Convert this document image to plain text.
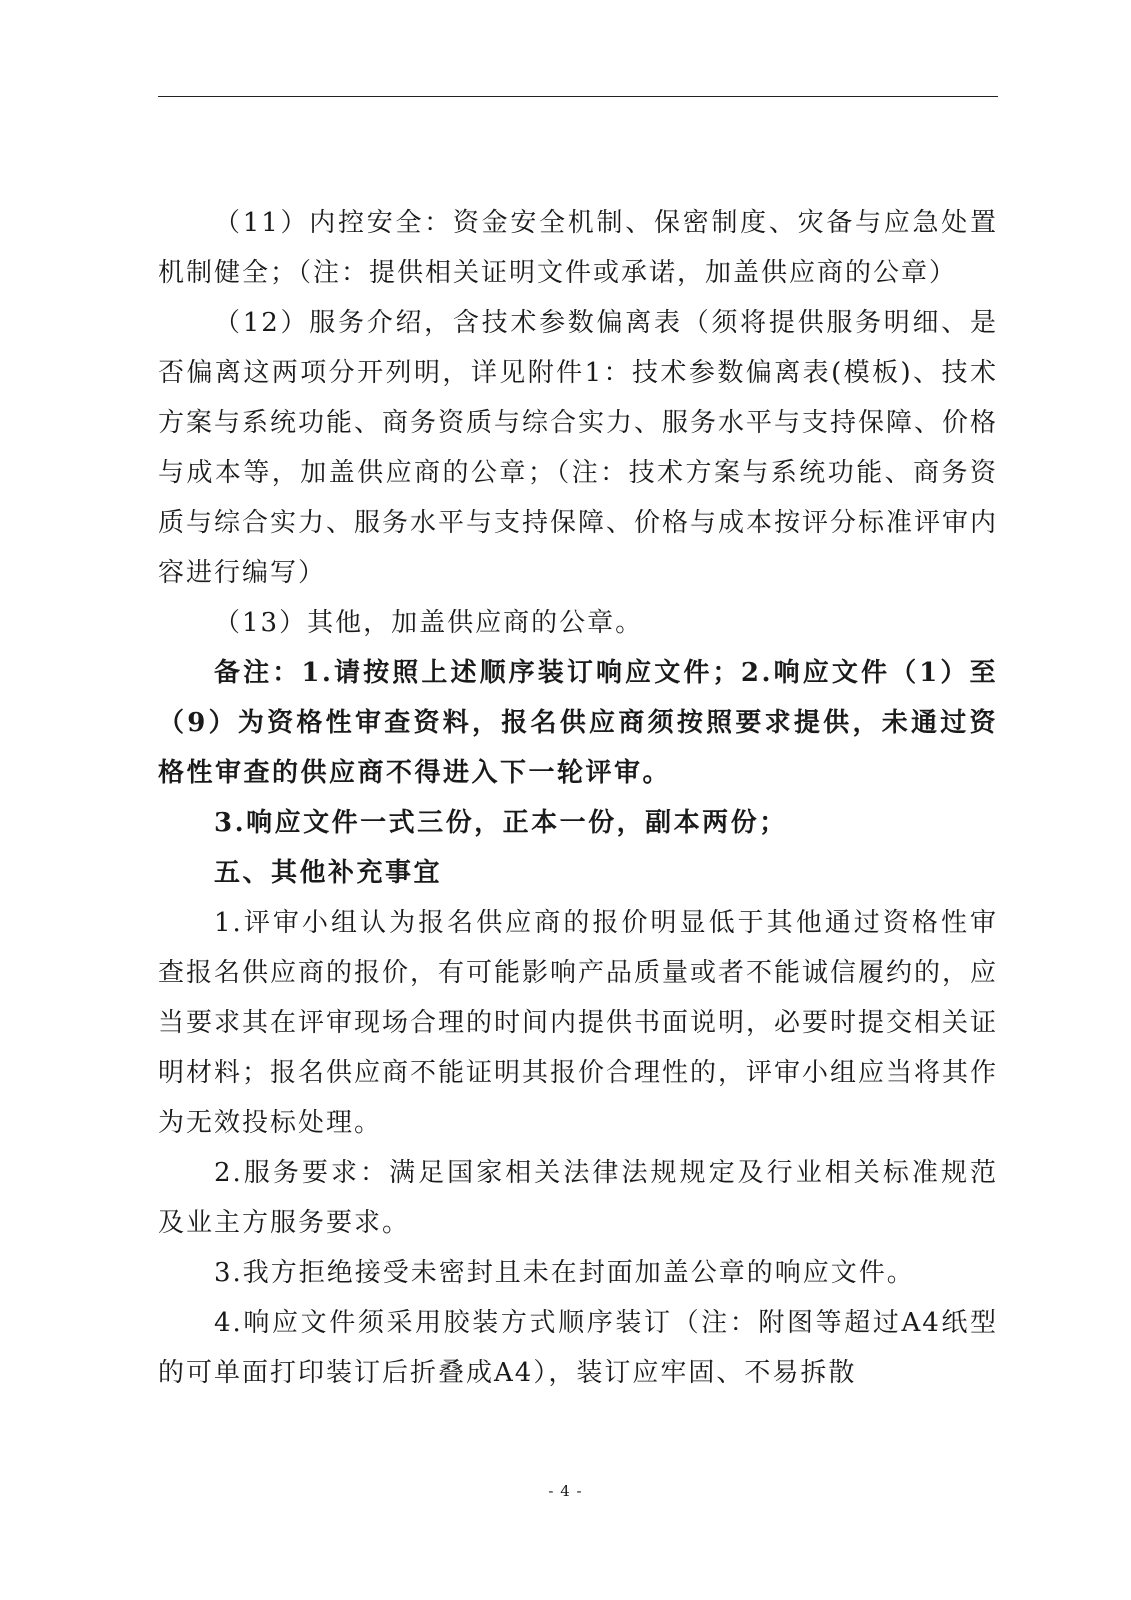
（11）内控安全：资金安全机制、保密制度、灾备与应急处置机制健全；（注：提供相关证明文件或承诺，加盖供应商的公章）

（12）服务介绍，含技术参数偏离表（须将提供服务明细、是否偏离这两项分开列明，详见附件1：技术参数偏离表(模板)、技术方案与系统功能、商务资质与综合实力、服务水平与支持保障、价格与成本等，加盖供应商的公章；（注：技术方案与系统功能、商务资质与综合实力、服务水平与支持保障、价格与成本按评分标准评审内容进行编写）

（13）其他，加盖供应商的公章。

备注：1.请按照上述顺序装订响应文件；2.响应文件（1）至（9）为资格性审查资料，报名供应商须按照要求提供，未通过资格性审查的供应商不得进入下一轮评审。

3.响应文件一式三份，正本一份，副本两份；

五、其他补充事宜

1.评审小组认为报名供应商的报价明显低于其他通过资格性审查报名供应商的报价，有可能影响产品质量或者不能诚信履约的，应当要求其在评审现场合理的时间内提供书面说明，必要时提交相关证明材料；报名供应商不能证明其报价合理性的，评审小组应当将其作为无效投标处理。

2.服务要求：满足国家相关法律法规规定及行业相关标准规范及业主方服务要求。

3.我方拒绝接受未密封且未在封面加盖公章的响应文件。

4.响应文件须采用胶装方式顺序装订（注：附图等超过A4纸型的可单面打印装订后折叠成A4），装订应牢固、不易拆散

- 4 -
